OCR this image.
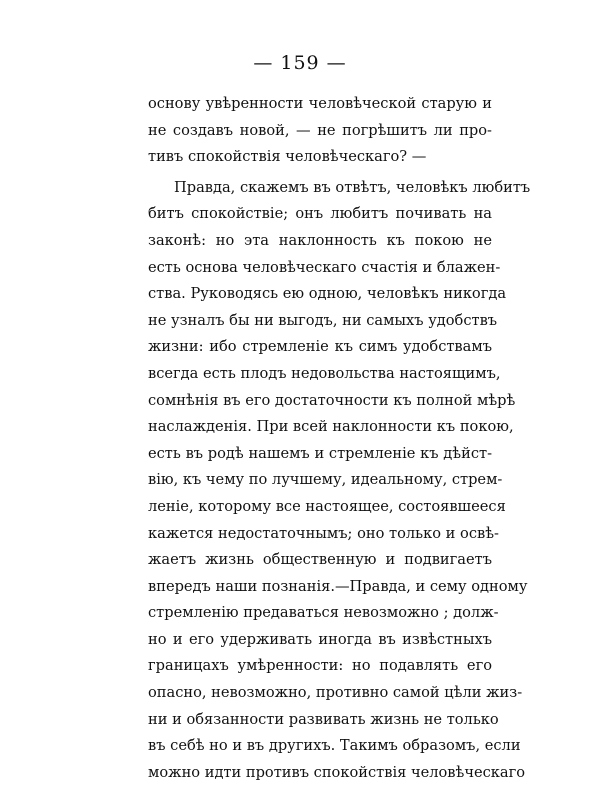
— 159 —
основу увѣренности человѣческой старую и
не создавъ новой, — не погрѣшитъ ли про-
тивъ спокойствія человѣческаго? —
Правда, скажемъ въ отвѣтъ, человѣкъ любитъ
битъ спокойствіе; онъ любитъ почивать на
законѣ: но эта наклонность къ покою не
есть основа человѣческаго счастія и блажен-
ства. Руководясь ею одною, человѣкъ никогда
не узналъ бы ни выгодъ, ни самыхъ удобствъ
жизни: ибо стремленіе къ симъ удобствамъ
всегда есть плодъ недовольства настоящимъ,
сомнѣнія въ его достаточности къ полной мѣрѣ
наслажденія. При всей наклонности къ покою,
есть въ родѣ нашемъ и стремленіе къ дѣйст-
вію, къ чему по лучшему, идеальному, стрем-
леніе, которому все настоящее, состоявшееся
кажется недостаточнымъ; оно только и освѣ-
жаетъ жизнь общественную и подвигаетъ
впередъ наши познанія.—Правда, и сему одному
стремленію предаваться невозможно ; долж-
но и его удерживать иногда въ извѣстныхъ
границахъ умѣренности: но подавлять его
опасно, невозможно, противно самой цѣли жиз-
ни и обязанности развивать жизнь не только
въ себѣ но и въ другихъ. Такимъ образомъ, если
можно идти противъ спокойствія человѣческаго
